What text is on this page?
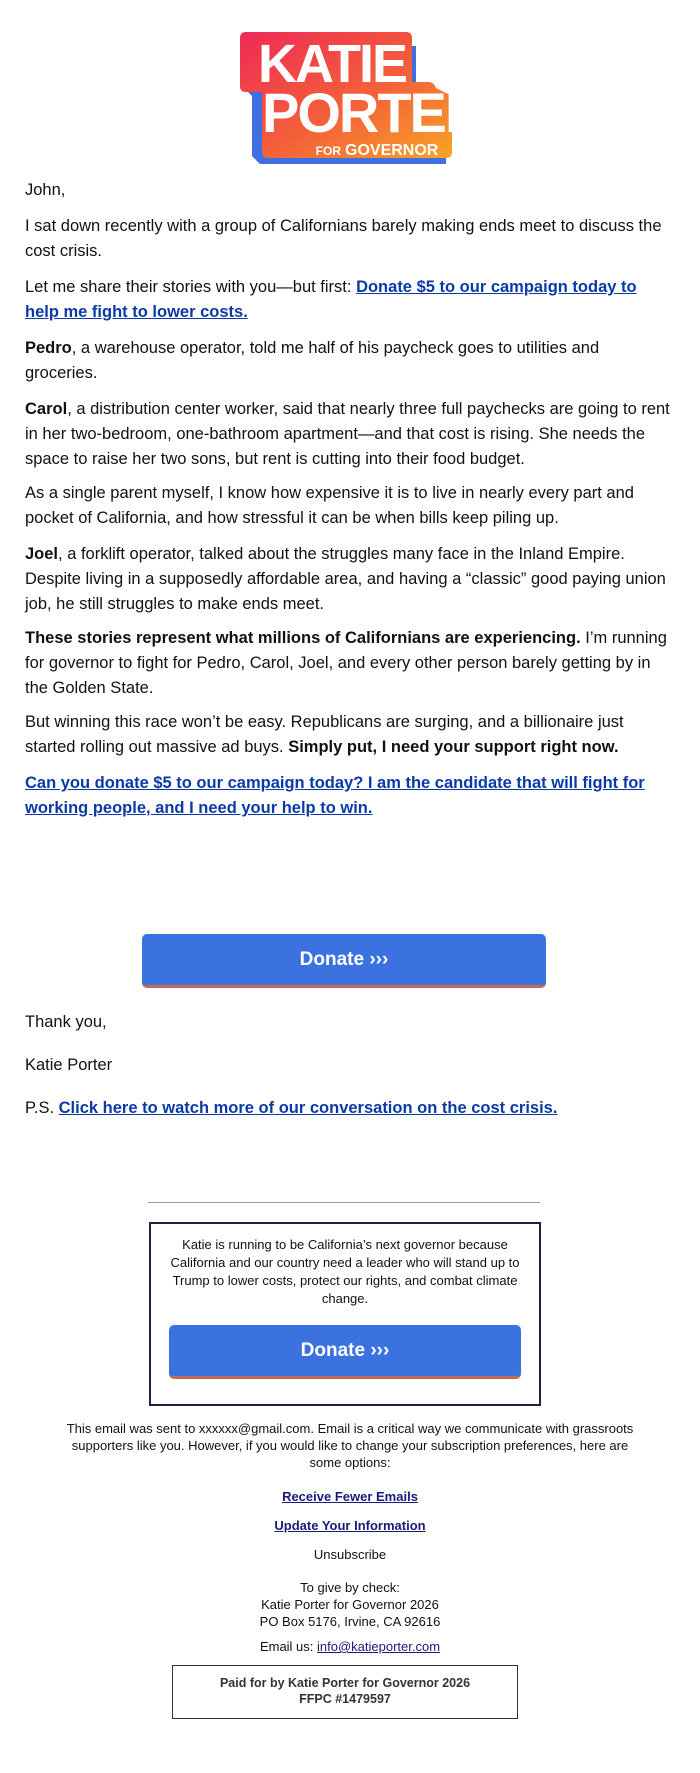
KATIE
PORTER
FOR GOVERNOR

John,

I sat down recently with a group of Californians barely making ends meet to discuss the cost crisis.

Let me share their stories with you—but first: Donate $5 to our campaign today to help me fight to lower costs.

Pedro, a warehouse operator, told me half of his paycheck goes to utilities and groceries.

Carol, a distribution center worker, said that nearly three full paychecks are going to rent in her two-bedroom, one-bathroom apartment—and that cost is rising. She needs the space to raise her two sons, but rent is cutting into their food budget.

As a single parent myself, I know how expensive it is to live in nearly every part and pocket of California, and how stressful it can be when bills keep piling up.

Joel, a forklift operator, talked about the struggles many face in the Inland Empire. Despite living in a supposedly affordable area, and having a “classic” good paying union job, he still struggles to make ends meet.

These stories represent what millions of Californians are experiencing. I’m running for governor to fight for Pedro, Carol, Joel, and every other person barely getting by in the Golden State.

But winning this race won’t be easy. Republicans are surging, and a billionaire just started rolling out massive ad buys. Simply put, I need your support right now.

Can you donate $5 to our campaign today? I am the candidate that will fight for working people, and I need your help to win.

Donate ›››

Thank you,

Katie Porter

P.S. Click here to watch more of our conversation on the cost crisis.

Katie is running to be California’s next governor because California and our country need a leader who will stand up to Trump to lower costs, protect our rights, and combat climate change.
Donate ›››
This email was sent to xxxxxx@gmail.com. Email is a critical way we communicate with grassroots supporters like you. However, if you would like to change your subscription preferences, here are some options:
Receive Fewer Emails
Update Your Information
Unsubscribe
To give by check:
Katie Porter for Governor 2026
PO Box 5176, Irvine, CA 92616
Email us: info@katieporter.com
Paid for by Katie Porter for Governor 2026
FFPC #1479597
